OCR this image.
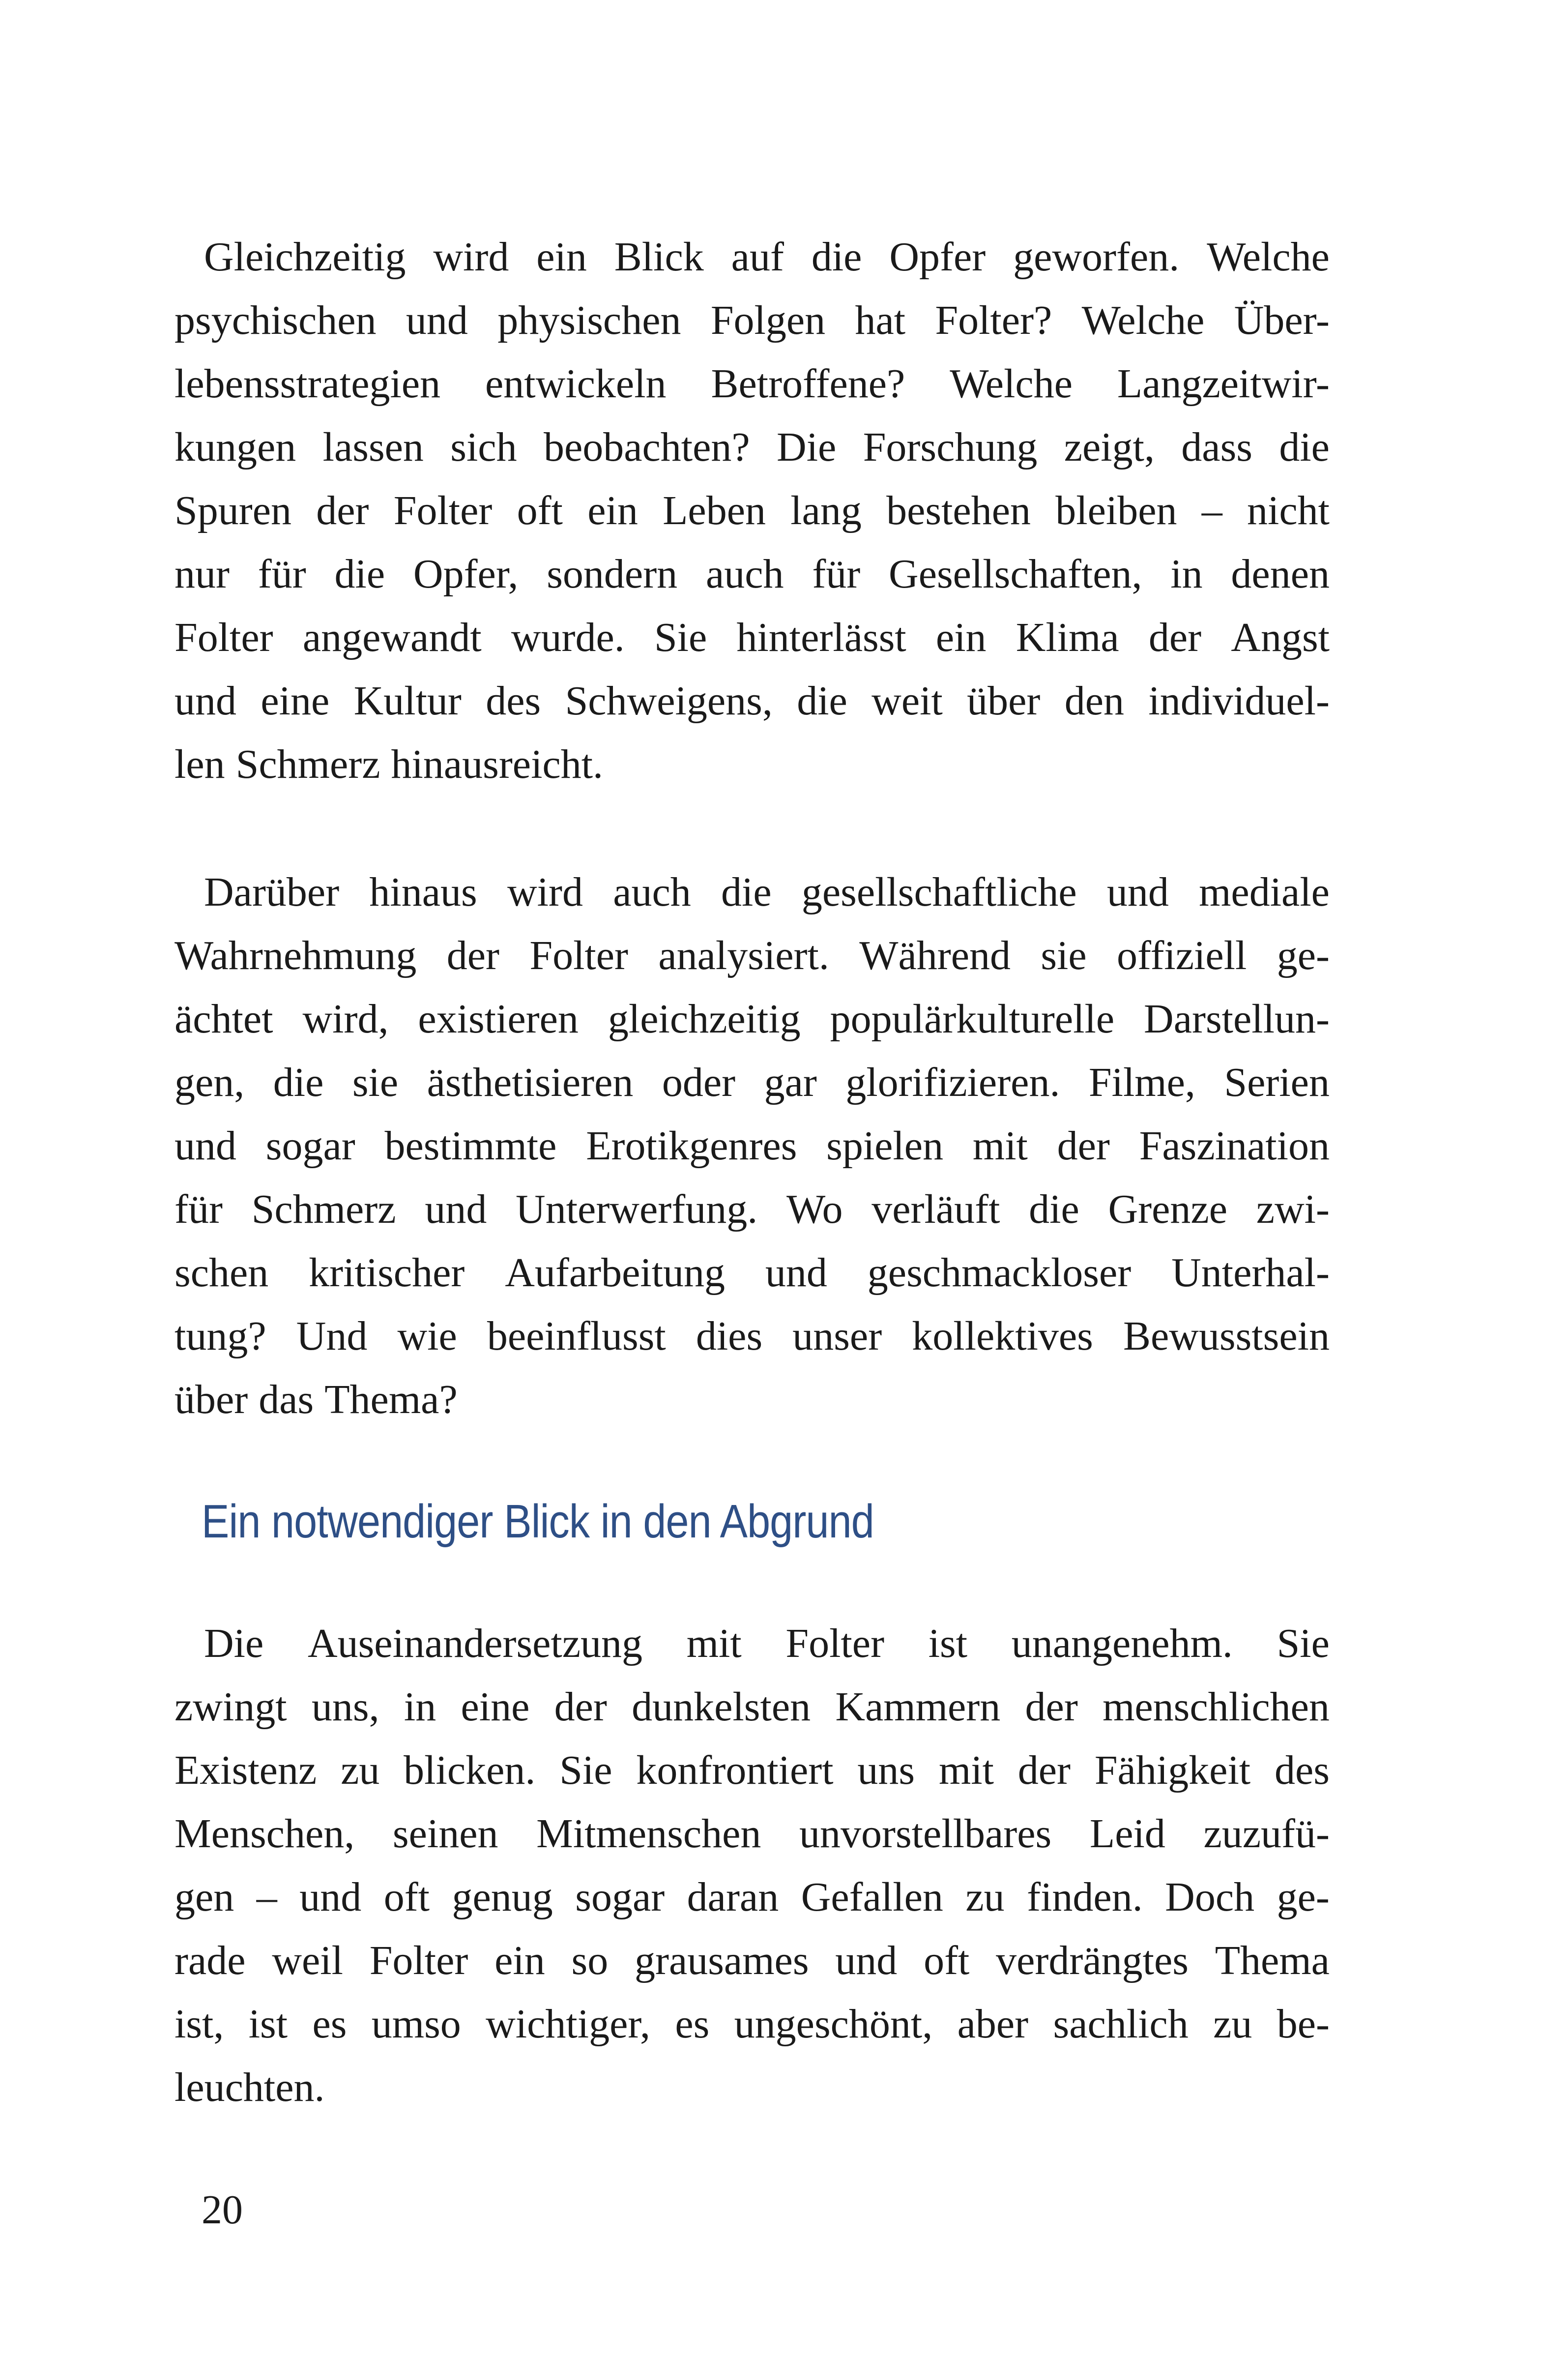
Gleichzeitig wird ein Blick auf die Opfer geworfen. Welche
psychischen und physischen Folgen hat Folter? Welche Über-
lebensstrategien entwickeln Betroffene? Welche Langzeitwir-
kungen lassen sich beobachten? Die Forschung zeigt, dass die
Spuren der Folter oft ein Leben lang bestehen bleiben – nicht
nur für die Opfer, sondern auch für Gesellschaften, in denen
Folter angewandt wurde. Sie hinterlässt ein Klima der Angst
und eine Kultur des Schweigens, die weit über den individuel-
len Schmerz hinausreicht.
Darüber hinaus wird auch die gesellschaftliche und mediale
Wahrnehmung der Folter analysiert. Während sie offiziell ge-
ächtet wird, existieren gleichzeitig populärkulturelle Darstellun-
gen, die sie ästhetisieren oder gar glorifizieren. Filme, Serien
und sogar bestimmte Erotikgenres spielen mit der Faszination
für Schmerz und Unterwerfung. Wo verläuft die Grenze zwi-
schen kritischer Aufarbeitung und geschmackloser Unterhal-
tung? Und wie beeinflusst dies unser kollektives Bewusstsein
über das Thema?
Ein notwendiger Blick in den Abgrund
Die Auseinandersetzung mit Folter ist unangenehm. Sie
zwingt uns, in eine der dunkelsten Kammern der menschlichen
Existenz zu blicken. Sie konfrontiert uns mit der Fähigkeit des
Menschen, seinen Mitmenschen unvorstellbares Leid zuzufü-
gen – und oft genug sogar daran Gefallen zu finden. Doch ge-
rade weil Folter ein so grausames und oft verdrängtes Thema
ist, ist es umso wichtiger, es ungeschönt, aber sachlich zu be-
leuchten.
20
